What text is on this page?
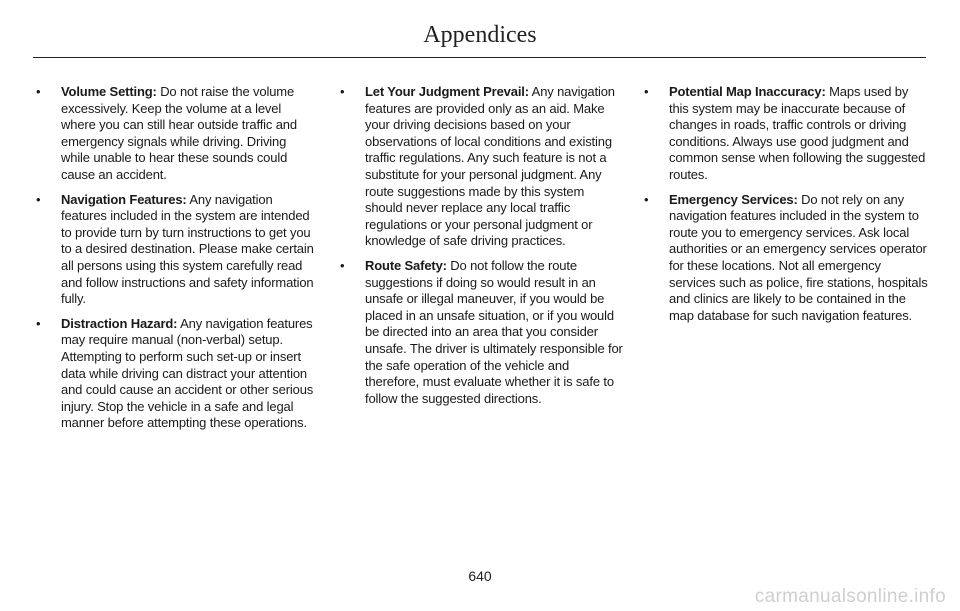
Appendices
•	Volume Setting: Do not raise the volume excessively. Keep the volume at a level where you can still hear outside traffic and emergency signals while driving. Driving while unable to hear these sounds could cause an accident.
•	Navigation Features: Any navigation features included in the system are intended to provide turn by turn instructions to get you to a desired destination. Please make certain all persons using this system carefully read and follow instructions and safety information fully.
•	Distraction Hazard: Any navigation features may require manual (non-verbal) setup. Attempting to perform such set-up or insert data while driving can distract your attention and could cause an accident or other serious injury. Stop the vehicle in a safe and legal manner before attempting these operations.
•	Let Your Judgment Prevail: Any navigation features are provided only as an aid. Make your driving decisions based on your observations of local conditions and existing traffic regulations. Any such feature is not a substitute for your personal judgment. Any route suggestions made by this system should never replace any local traffic regulations or your personal judgment or knowledge of safe driving practices.
•	Route Safety: Do not follow the route suggestions if doing so would result in an unsafe or illegal maneuver, if you would be placed in an unsafe situation, or if you would be directed into an area that you consider unsafe. The driver is ultimately responsible for the safe operation of the vehicle and therefore, must evaluate whether it is safe to follow the suggested directions.
•	Potential Map Inaccuracy: Maps used by this system may be inaccurate because of changes in roads, traffic controls or driving conditions. Always use good judgment and common sense when following the suggested routes.
•	Emergency Services: Do not rely on any navigation features included in the system to route you to emergency services. Ask local authorities or an emergency services operator for these locations. Not all emergency services such as police, fire stations, hospitals and clinics are likely to be contained in the map database for such navigation features.
640
carmanualsonline.info
